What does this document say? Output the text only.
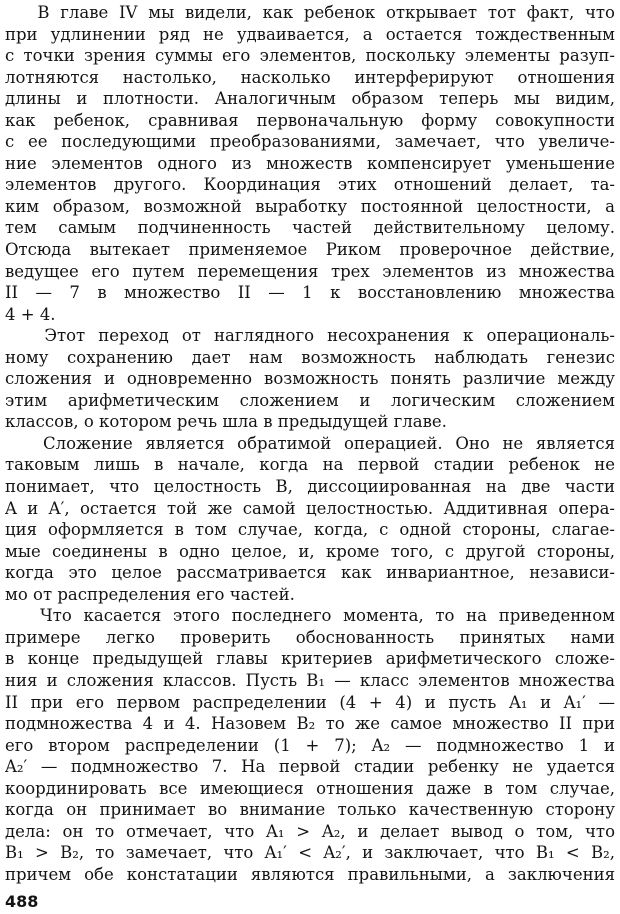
В главе IV мы видели, как ребенок открывает тот факт, что
при удлинении ряд не удваивается, а остается тождественным
с точки зрения суммы его элементов, поскольку элементы разуп-
лотняются настолько, насколько интерферируют отношения
длины и плотности. Аналогичным образом теперь мы видим,
как ребенок, сравнивая первоначальную форму совокупности
с ее последующими преобразованиями, замечает, что увеличе-
ние элементов одного из множеств компенсирует уменьшение
элементов другого. Координация этих отношений делает, та-
ким образом, возможной выработку постоянной целостности, а
тем самым подчиненность частей действительному целому.
Отсюда вытекает применяемое Риком проверочное действие,
ведущее его путем перемещения трех элементов из множества
II — 7 в множество II — 1 к восстановлению множества
4 + 4.
Этот переход от наглядного несохранения к операциональ-
ному сохранению дает нам возможность наблюдать генезис
сложения и одновременно возможность понять различие между
этим арифметическим сложением и логическим сложением
классов, о котором речь шла в предыдущей главе.
Сложение является обратимой операцией. Оно не является
таковым лишь в начале, когда на первой стадии ребенок не
понимает, что целостность B, диссоциированная на две части
A и A′, остается той же самой целостностью. Аддитивная опера-
ция оформляется в том случае, когда, с одной стороны, слагае-
мые соединены в одно целое, и, кроме того, с другой стороны,
когда это целое рассматривается как инвариантное, независи-
мо от распределения его частей.
Что касается этого последнего момента, то на приведенном
примере легко проверить обоснованность принятых нами
в конце предыдущей главы критериев арифметического сложе-
ния и сложения классов. Пусть B₁ — класс элементов множества
II при его первом распределении (4 + 4) и пусть A₁ и A₁′ —
подмножества 4 и 4. Назовем B₂ то же самое множество II при
его втором распределении (1 + 7); A₂ — подмножество 1 и
A₂′ — подмножество 7. На первой стадии ребенку не удается
координировать все имеющиеся отношения даже в том случае,
когда он принимает во внимание только качественную сторону
дела: он то отмечает, что A₁ > A₂, и делает вывод о том, что
B₁ > B₂, то замечает, что A₁′ < A₂′, и заключает, что B₁ < B₂,
причем обе констатации являются правильными, а заключения
488
